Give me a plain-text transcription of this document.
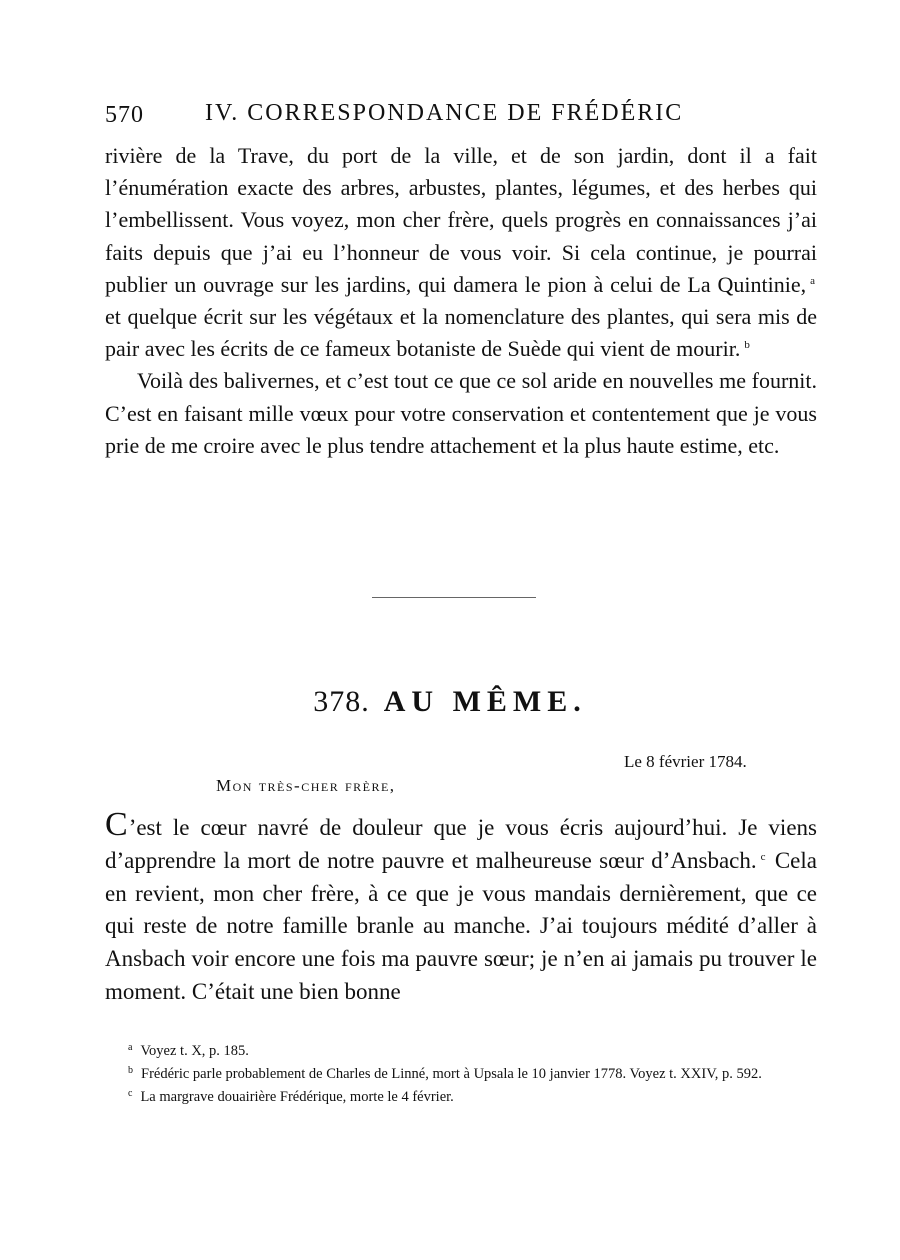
570	IV. CORRESPONDANCE DE FRÉDÉRIC

rivière de la Trave, du port de la ville, et de son jardin, dont il a fait l’énumération exacte des arbres, arbustes, plantes, légumes, et des herbes qui l’embellissent. Vous voyez, mon cher frère, quels progrès en connaissances j’ai faits depuis que j’ai eu l’honneur de vous voir. Si cela continue, je pourrai publier un ouvrage sur les jardins, qui damera le pion à celui de La Quintinie, $^a$ et quelque écrit sur les végétaux et la nomenclature des plantes, qui sera mis de pair avec les écrits de ce fameux botaniste de Suède qui vient de mourir. $^b$

Voilà des balivernes, et c’est tout ce que ce sol aride en nouvelles me fournit. C’est en faisant mille vœux pour votre conservation et contentement que je vous prie de me croire avec le plus tendre attachement et la plus haute estime, etc.

378. AU MÊME.
Le 8 février 1784.
Mon très-cher frère,

C’est le cœur navré de douleur que je vous écris aujourd’hui. Je viens d’apprendre la mort de notre pauvre et malheureuse sœur d’Ansbach. $^c$ Cela en revient, mon cher frère, à ce que je vous mandais dernièrement, que ce qui reste de notre famille branle au manche. J’ai toujours médité d’aller à Ansbach voir encore une fois ma pauvre sœur; je n’en ai jamais pu trouver le moment. C’était une bien bonne

$^a$ Voyez t. X, p. 185.

$^b$ Frédéric parle probablement de Charles de Linné, mort à Upsala le 10 janvier 1778. Voyez t. XXIV, p. 592.

$^c$ La margrave douairière Frédérique, morte le 4 février.
